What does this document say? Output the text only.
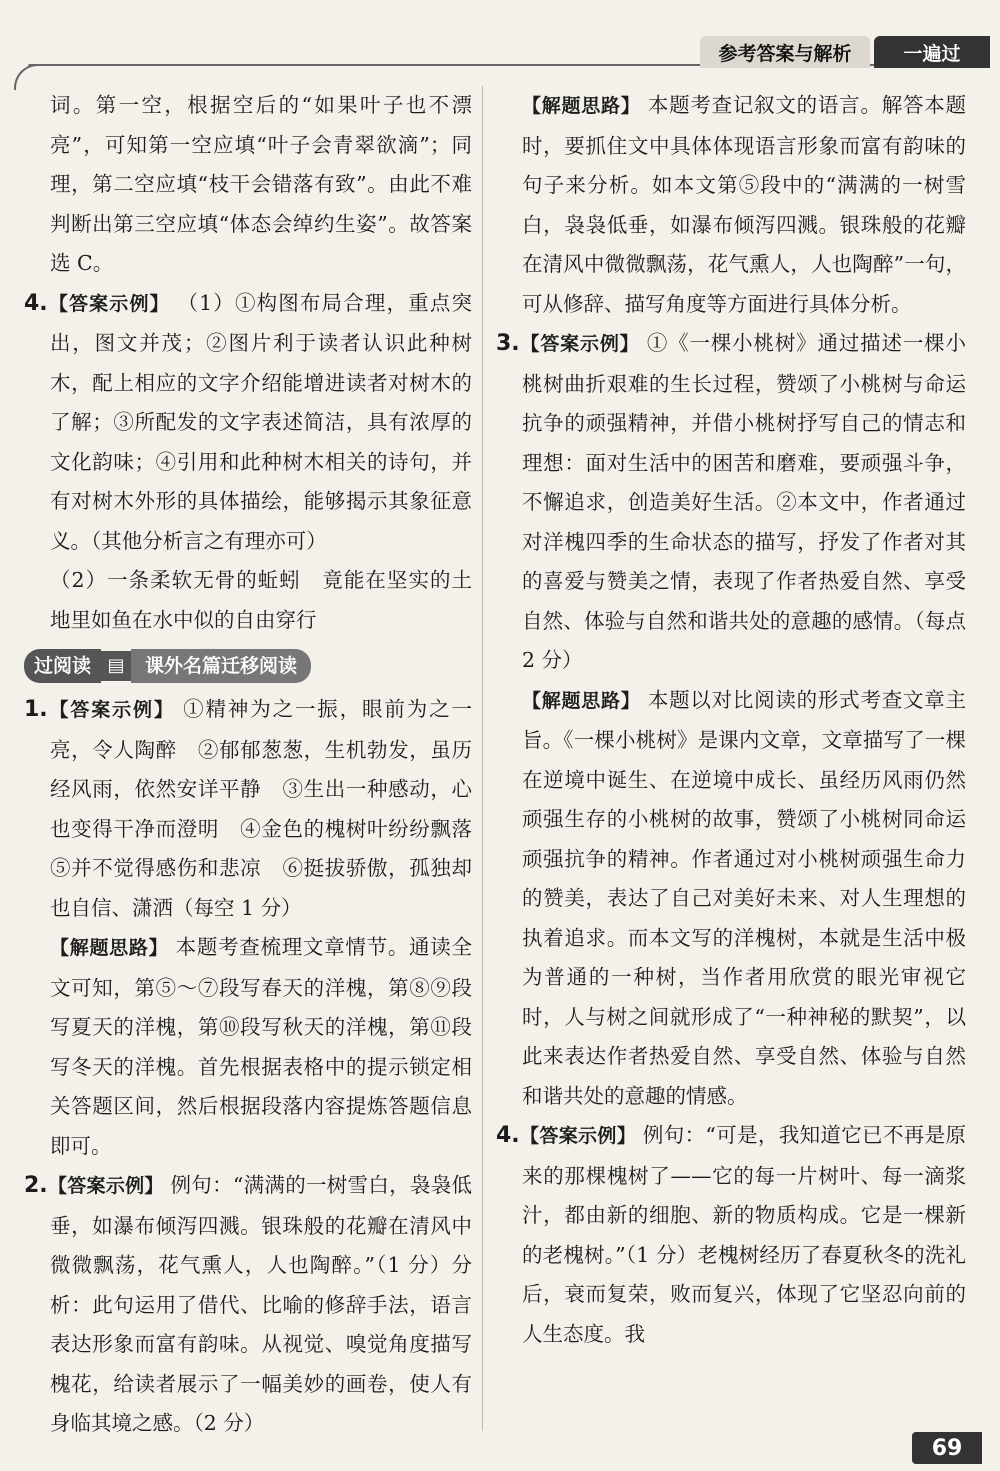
参考答案与解析	一遍过

词。第一空，根据空后的“如果叶子也不漂亮”，可知第一空应填“叶子会青翠欲滴”；同理，第二空应填“枝干会错落有致”。由此不难判断出第三空应填“体态会绰约生姿”。故答案选 C。

4.【答案示例】 （1）①构图布局合理，重点突出，图文并茂；②图片利于读者认识此种树木，配上相应的文字介绍能增进读者对树木的了解；③所配发的文字表述简洁，具有浓厚的文化韵味；④引用和此种树木相关的诗句，并有对树木外形的具体描绘，能够揭示其象征意义。（其他分析言之有理亦可）

（2）一条柔软无骨的蚯蚓　竟能在坚实的土地里如鱼在水中似的自由穿行

过阅读 ▤	课外名篇迁移阅读

1.【答案示例】 ①精神为之一振，眼前为之一亮，令人陶醉　②郁郁葱葱，生机勃发，虽历经风雨，依然安详平静　③生出一种感动，心也变得干净而澄明　④金色的槐树叶纷纷飘落　⑤并不觉得感伤和悲凉　⑥挺拔骄傲，孤独却也自信、潇洒（每空 1 分）

【解题思路】 本题考查梳理文章情节。通读全文可知，第⑤～⑦段写春天的洋槐，第⑧⑨段写夏天的洋槐，第⑩段写秋天的洋槐，第⑪段写冬天的洋槐。首先根据表格中的提示锁定相关答题区间，然后根据段落内容提炼答题信息即可。

2.【答案示例】 例句：“满满的一树雪白，袅袅低垂，如瀑布倾泻四溅。银珠般的花瓣在清风中微微飘荡，花气熏人，人也陶醉。”（1 分）分析：此句运用了借代、比喻的修辞手法，语言表达形象而富有韵味。从视觉、嗅觉角度描写槐花，给读者展示了一幅美妙的画卷，使人有身临其境之感。（2 分）

【解题思路】 本题考查记叙文的语言。解答本题时，要抓住文中具体体现语言形象而富有韵味的句子来分析。如本文第⑤段中的“满满的一树雪白，袅袅低垂，如瀑布倾泻四溅。银珠般的花瓣在清风中微微飘荡，花气熏人，人也陶醉”一句，可从修辞、描写角度等方面进行具体分析。

3.【答案示例】 ①《一棵小桃树》通过描述一棵小桃树曲折艰难的生长过程，赞颂了小桃树与命运抗争的顽强精神，并借小桃树抒写自己的情志和理想：面对生活中的困苦和磨难，要顽强斗争，不懈追求，创造美好生活。②本文中，作者通过对洋槐四季的生命状态的描写，抒发了作者对其的喜爱与赞美之情，表现了作者热爱自然、享受自然、体验与自然和谐共处的意趣的感情。（每点 2 分）

【解题思路】 本题以对比阅读的形式考查文章主旨。《一棵小桃树》是课内文章，文章描写了一棵在逆境中诞生、在逆境中成长、虽经历风雨仍然顽强生存的小桃树的故事，赞颂了小桃树同命运顽强抗争的精神。作者通过对小桃树顽强生命力的赞美，表达了自己对美好未来、对人生理想的执着追求。而本文写的洋槐树，本就是生活中极为普通的一种树，当作者用欣赏的眼光审视它时，人与树之间就形成了“一种神秘的默契”，以此来表达作者热爱自然、享受自然、体验与自然和谐共处的意趣的情感。

4.【答案示例】 例句：“可是，我知道它已不再是原来的那棵槐树了——它的每一片树叶、每一滴浆汁，都由新的细胞、新的物质构成。它是一棵新的老槐树。”（1 分）老槐树经历了春夏秋冬的洗礼后，衰而复荣，败而复兴，体现了它坚忍向前的人生态度。我

69
